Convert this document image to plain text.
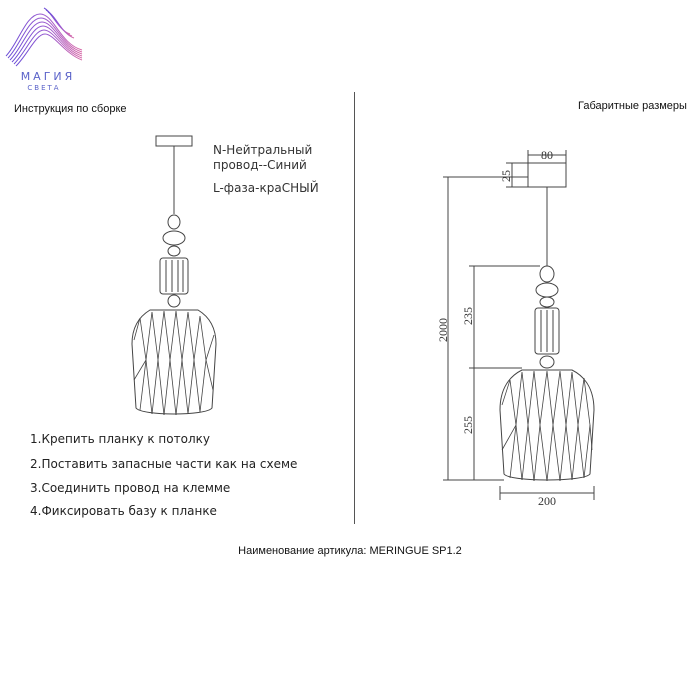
МАГИЯ
СВЕТА
Инструкция по сборке	Габаритные размеры
N-Нейтральный провод--Синий
L-фаза-краСНЫЙ
1.Крепить планку к потолку
2.Поставить запасные части как на схеме
3.Соединить провод на клемме
4.Фиксировать базу к планке
80
25
2000
235
255
200
Наименование артикула: MERINGUE SP1.2
